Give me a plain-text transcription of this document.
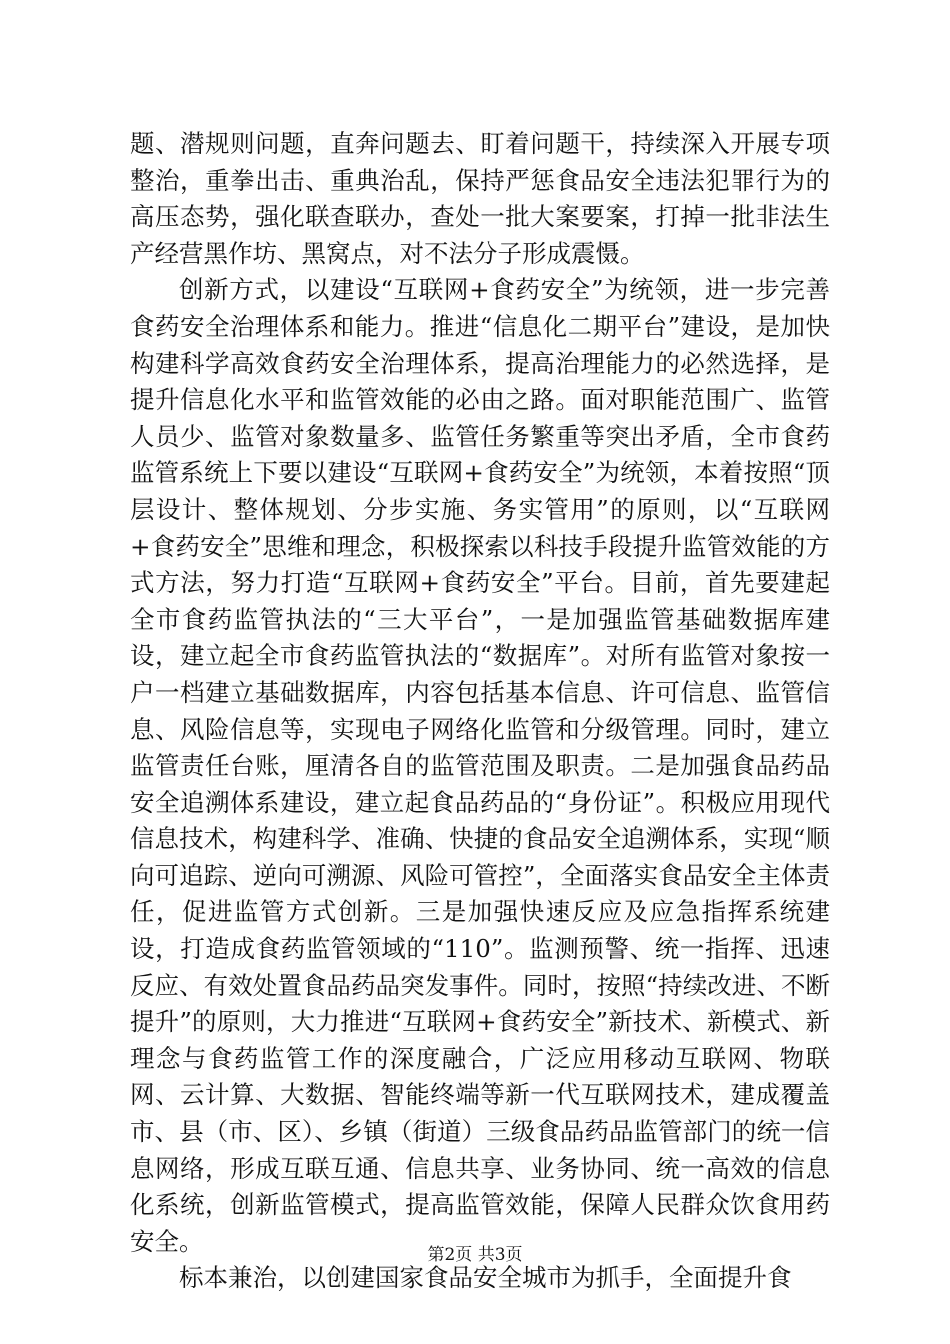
题、潜规则问题，直奔问题去、盯着问题干，持续深入开展专项整治，重拳出击、重典治乱，保持严惩食品安全违法犯罪行为的高压态势，强化联查联办，查处一批大案要案，打掉一批非法生产经营黑作坊、黑窝点，对不法分子形成震慑。

创新方式，以建设“互联网+食药安全”为统领，进一步完善食药安全治理体系和能力。推进“信息化二期平台”建设，是加快构建科学高效食药安全治理体系，提高治理能力的必然选择，是提升信息化水平和监管效能的必由之路。面对职能范围广、监管人员少、监管对象数量多、监管任务繁重等突出矛盾，全市食药监管系统上下要以建设“互联网+食药安全”为统领，本着按照“顶层设计、整体规划、分步实施、务实管用”的原则，以“互联网+食药安全”思维和理念，积极探索以科技手段提升监管效能的方式方法，努力打造“互联网+食药安全”平台。目前，首先要建起全市食药监管执法的“三大平台”，一是加强监管基础数据库建设，建立起全市食药监管执法的“数据库”。对所有监管对象按一户一档建立基础数据库，内容包括基本信息、许可信息、监管信息、风险信息等，实现电子网络化监管和分级管理。同时，建立监管责任台账，厘清各自的监管范围及职责。二是加强食品药品安全追溯体系建设，建立起食品药品的“身份证”。积极应用现代信息技术，构建科学、准确、快捷的食品安全追溯体系，实现“顺向可追踪、逆向可溯源、风险可管控”，全面落实食品安全主体责任，促进监管方式创新。三是加强快速反应及应急指挥系统建设，打造成食药监管领域的“110”。监测预警、统一指挥、迅速反应、有效处置食品药品突发事件。同时，按照“持续改进、不断提升”的原则，大力推进“互联网+食药安全”新技术、新模式、新理念与食药监管工作的深度融合，广泛应用移动互联网、物联网、云计算、大数据、智能终端等新一代互联网技术，建成覆盖市、县（市、区）、乡镇（街道）三级食品药品监管部门的统一信息网络，形成互联互通、信息共享、业务协同、统一高效的信息化系统，创新监管模式，提高监管效能，保障人民群众饮食用药安全。

标本兼治，以创建国家食品安全城市为抓手，全面提升食

第2页 共3页
